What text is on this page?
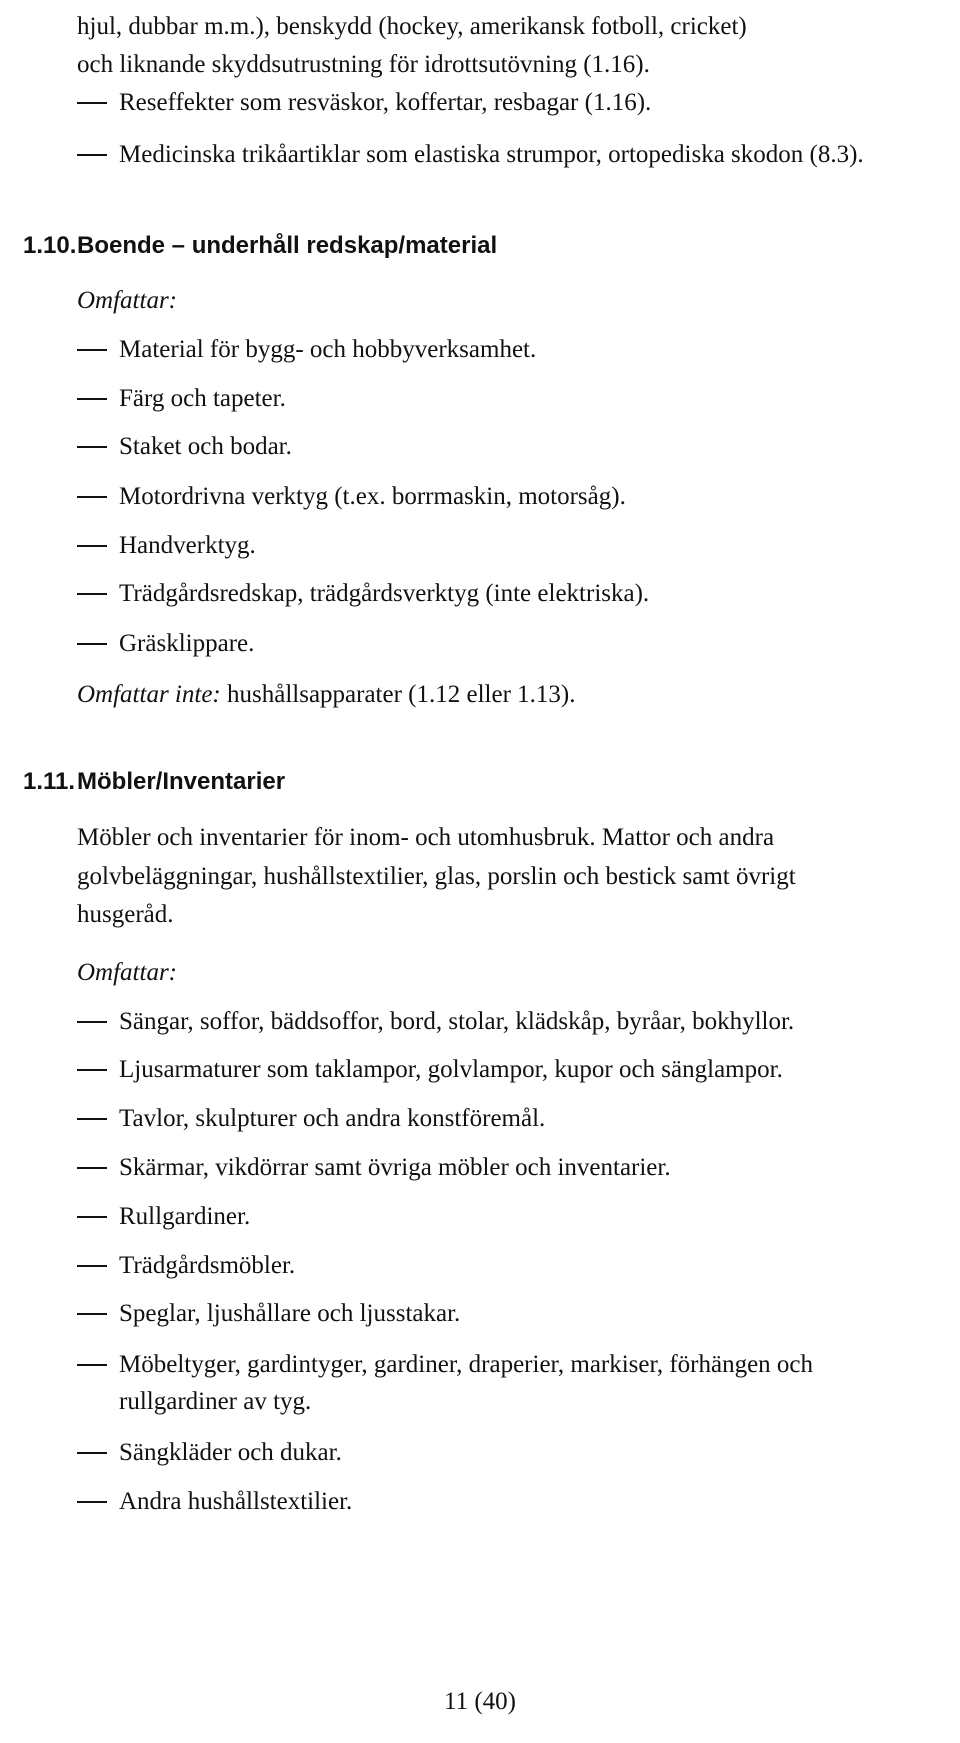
hjul, dubbar m.m.), benskydd (hockey, amerikansk fotboll, cricket)
och liknande skyddsutrustning för idrottsutövning (1.16).
Reseffekter som resväskor, koffertar, resbagar (1.16).
Medicinska trikåartiklar som elastiska strumpor, ortopediska skodon (8.3).
1.10.Boende – underhåll redskap/material
Omfattar:
Material för bygg- och hobbyverksamhet.
Färg och tapeter.
Staket och bodar.
Motordrivna verktyg (t.ex. borrmaskin, motorsåg).
Handverktyg.
Trädgårdsredskap, trädgårdsverktyg (inte elektriska).
Gräsklippare.
Omfattar inte: hushållsapparater (1.12 eller 1.13).
1.11.Möbler/Inventarier
Möbler och inventarier för inom- och utomhusbruk. Mattor och andra
golvbeläggningar, hushållstextilier, glas, porslin och bestick samt övrigt
husgeråd.
Omfattar:
Sängar, soffor, bäddsoffor, bord, stolar, klädskåp, byråar, bokhyllor.
Ljusarmaturer som taklampor, golvlampor, kupor och sänglampor.
Tavlor, skulpturer och andra konstföremål.
Skärmar, vikdörrar samt övriga möbler och inventarier.
Rullgardiner.
Trädgårdsmöbler.
Speglar, ljushållare och ljusstakar.
Möbeltyger, gardintyger, gardiner, draperier, markiser, förhängen och
rullgardiner av tyg.
Sängkläder och dukar.
Andra hushållstextilier.
11 (40)
